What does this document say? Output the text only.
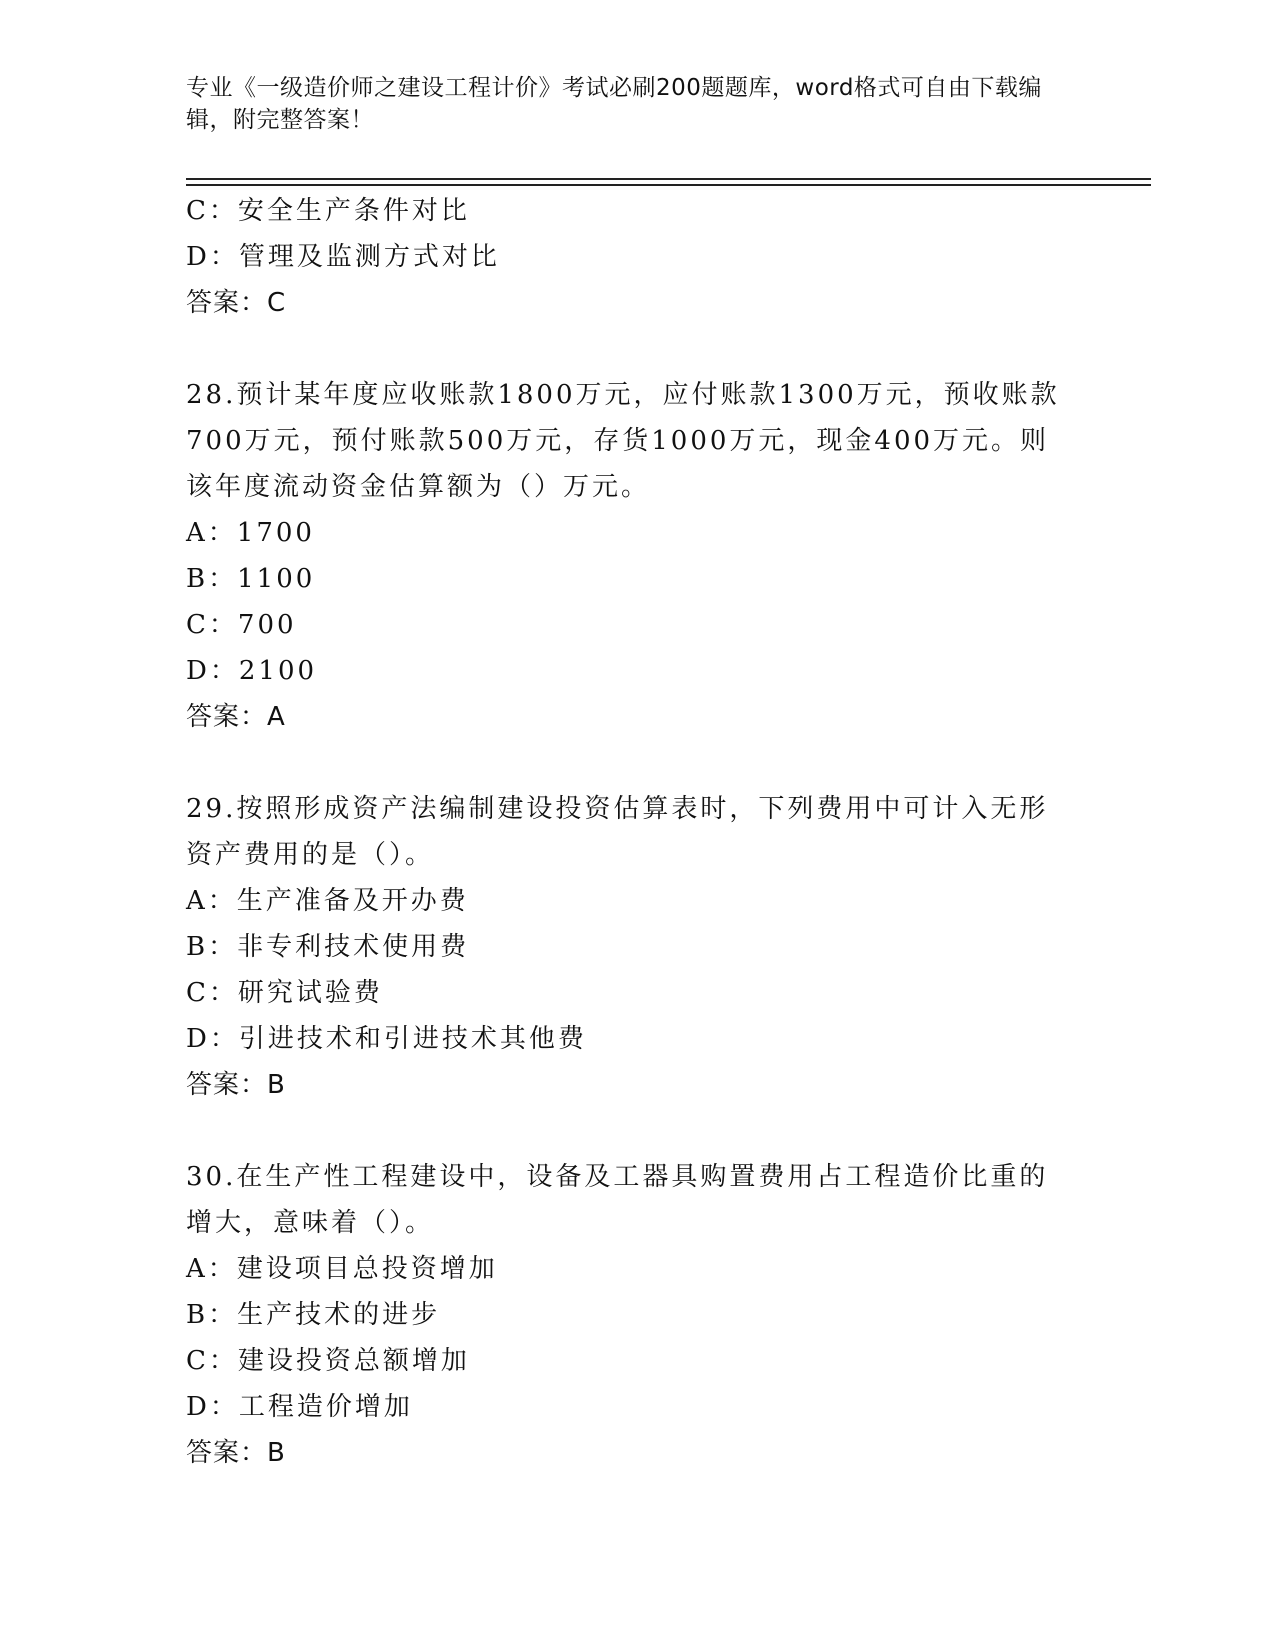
专业《一级造价师之建设工程计价》考试必刷200题题库，word格式可自由下载编辑，附完整答案！
C：安全生产条件对比
D：管理及监测方式对比
答案：C
28.预计某年度应收账款1800万元，应付账款1300万元，预收账款700万元，预付账款500万元，存货1000万元，现金400万元。则该年度流动资金估算额为（）万元。
A：1700
B：1100
C：700
D：2100
答案：A
29.按照形成资产法编制建设投资估算表时，下列费用中可计入无形资产费用的是（）。
A：生产准备及开办费
B：非专利技术使用费
C：研究试验费
D：引进技术和引进技术其他费
答案：B
30.在生产性工程建设中，设备及工器具购置费用占工程造价比重的增大，意味着（）。
A：建设项目总投资增加
B：生产技术的进步
C：建设投资总额增加
D：工程造价增加
答案：B
